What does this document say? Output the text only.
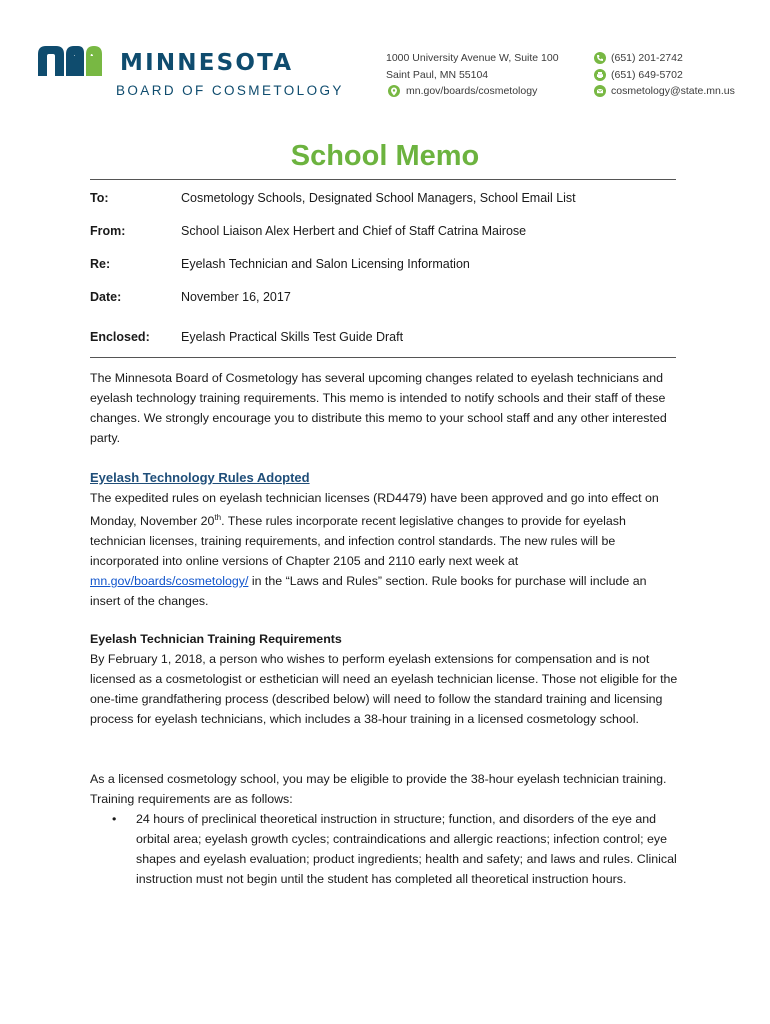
MINNESOTA
BOARD OF COSMETOLOGY
1000 University Avenue W, Suite 100
Saint Paul, MN 55104
mn.gov/boards/cosmetology
(651) 201-2742
(651) 649-5702
cosmetology@state.mn.us
School Memo
To:	Cosmetology Schools, Designated School Managers, School Email List
From:	School Liaison Alex Herbert and Chief of Staff Catrina Mairose
Re:	Eyelash Technician and Salon Licensing Information
Date:	November 16, 2017
Enclosed:	Eyelash Practical Skills Test Guide Draft

The Minnesota Board of Cosmetology has several upcoming changes related to eyelash technicians and eyelash technology training requirements. This memo is intended to notify schools and their staff of these changes. We strongly encourage you to distribute this memo to your school staff and any other interested party.

Eyelash Technology Rules Adopted

The expedited rules on eyelash technician licenses (RD4479) have been approved and go into effect on Monday, November 20th. These rules incorporate recent legislative changes to provide for eyelash technician licenses, training requirements, and infection control standards. The new rules will be incorporated into online versions of Chapter 2105 and 2110 early next week at mn.gov/boards/cosmetology/ in the “Laws and Rules” section. Rule books for purchase will include an insert of the changes.

Eyelash Technician Training Requirements

By February 1, 2018, a person who wishes to perform eyelash extensions for compensation and is not licensed as a cosmetologist or esthetician will need an eyelash technician license. Those not eligible for the one-time grandfathering process (described below) will need to follow the standard training and licensing process for eyelash technicians, which includes a 38-hour training in a licensed cosmetology school.

As a licensed cosmetology school, you may be eligible to provide the 38-hour eyelash technician training. Training requirements are as follows:

•	24 hours of preclinical theoretical instruction in structure; function, and disorders of the eye and orbital area; eyelash growth cycles; contraindications and allergic reactions; infection control; eye shapes and eyelash evaluation; product ingredients; health and safety; and laws and rules. Clinical instruction must not begin until the student has completed all theoretical instruction hours.
